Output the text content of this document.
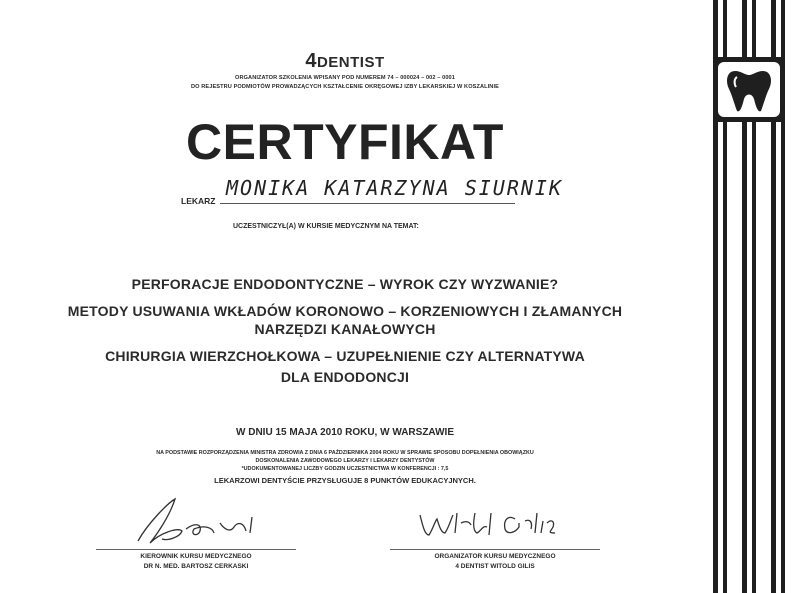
4DENTIST
ORGANIZATOR SZKOLENIA WPISANY POD NUMEREM 74 – 000024 – 002 – 0001
DO REJESTRU PODMIOTÓW PROWADZĄCYCH KSZTAŁCENIE OKRĘGOWEJ IZBY LEKARSKIEJ W KOSZALINIE
CERTYFIKAT
LEKARZ
MONIKA KATARZYNA SIURNIK
UCZESTNICZYŁ(A) W KURSIE MEDYCZNYM NA TEMAT:
PERFORACJE ENDODONTYCZNE – WYROK CZY WYZWANIE?
METODY USUWANIA WKŁADÓW KORONOWO – KORZENIOWYCH I ZŁAMANYCH
NARZĘDZI KANAŁOWYCH
CHIRURGIA WIERZCHOŁKOWA – UZUPEŁNIENIE CZY ALTERNATYWA
DLA ENDODONCJI
W DNIU 15 MAJA 2010 ROKU, W WARSZAWIE
NA PODSTAWIE ROZPORZĄDZENIA MINISTRA ZDROWIA Z DNIA 6 PAŹDZIERNIKA 2004 ROKU W SPRAWIE SPOSOBU DOPEŁNIENIA OBOWIĄZKU
DOSKONALENIA ZAWODOWEGO LEKARZY I LEKARZY DENTYSTÓW
*UDOKUMENTOWANEJ LICZBY GODZIN UCZESTNICTWA W KONFERENCJI : 7,5
LEKARZOWI DENTYŚCIE PRZYSŁUGUJE 8 PUNKTÓW EDUKACYJNYCH.
KIEROWNIK KURSU MEDYCZNEGO
DR N. MED. BARTOSZ CERKASKI
ORGANIZATOR KURSU MEDYCZNEGO
4 DENTIST WITOLD GILIS
